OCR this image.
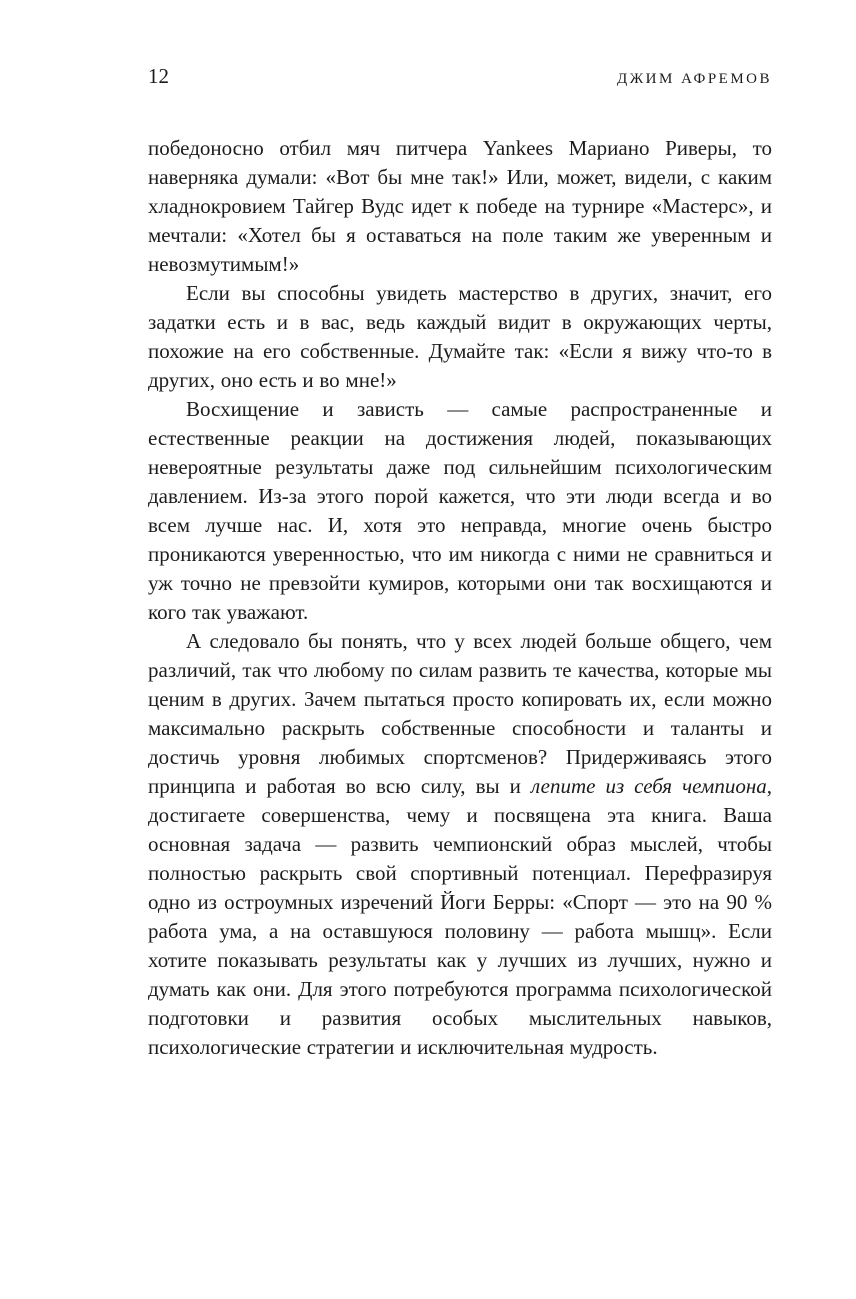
12	ДЖИМ АФРЕМОВ

победоносно отбил мяч питчера Yankees Мариано Риверы, то наверняка думали: «Вот бы мне так!» Или, может, видели, с каким хладнокровием Тайгер Вудс идет к победе на турнире «Мастерс», и мечтали: «Хотел бы я оставаться на поле таким же уверенным и невозмутимым!»

Если вы способны увидеть мастерство в других, значит, его задатки есть и в вас, ведь каждый видит в окружающих черты, похожие на его собственные. Думайте так: «Если я вижу что-то в других, оно есть и во мне!»

Восхищение и зависть — самые распространенные и естественные реакции на достижения людей, показывающих невероятные результаты даже под сильнейшим психологическим давлением. Из-за этого порой кажется, что эти люди всегда и во всем лучше нас. И, хотя это неправда, многие очень быстро проникаются уверенностью, что им никогда с ними не сравниться и уж точно не превзойти кумиров, которыми они так восхищаются и кого так уважают.

А следовало бы понять, что у всех людей больше общего, чем различий, так что любому по силам развить те качества, которые мы ценим в других. Зачем пытаться просто копировать их, если можно максимально раскрыть собственные способности и таланты и достичь уровня любимых спортсменов? Придерживаясь этого принципа и работая во всю силу, вы и лепите из себя чемпиона, достигаете совершенства, чему и посвящена эта книга. Ваша основная задача — развить чемпионский образ мыслей, чтобы полностью раскрыть свой спортивный потенциал. Перефразируя одно из остроумных изречений Йоги Берры: «Спорт — это на 90 % работа ума, а на оставшуюся половину — работа мышц». Если хотите показывать результаты как у лучших из лучших, нужно и думать как они. Для этого потребуются программа психологической подготовки и развития особых мыслительных навыков, психологические стратегии и исключительная мудрость.
